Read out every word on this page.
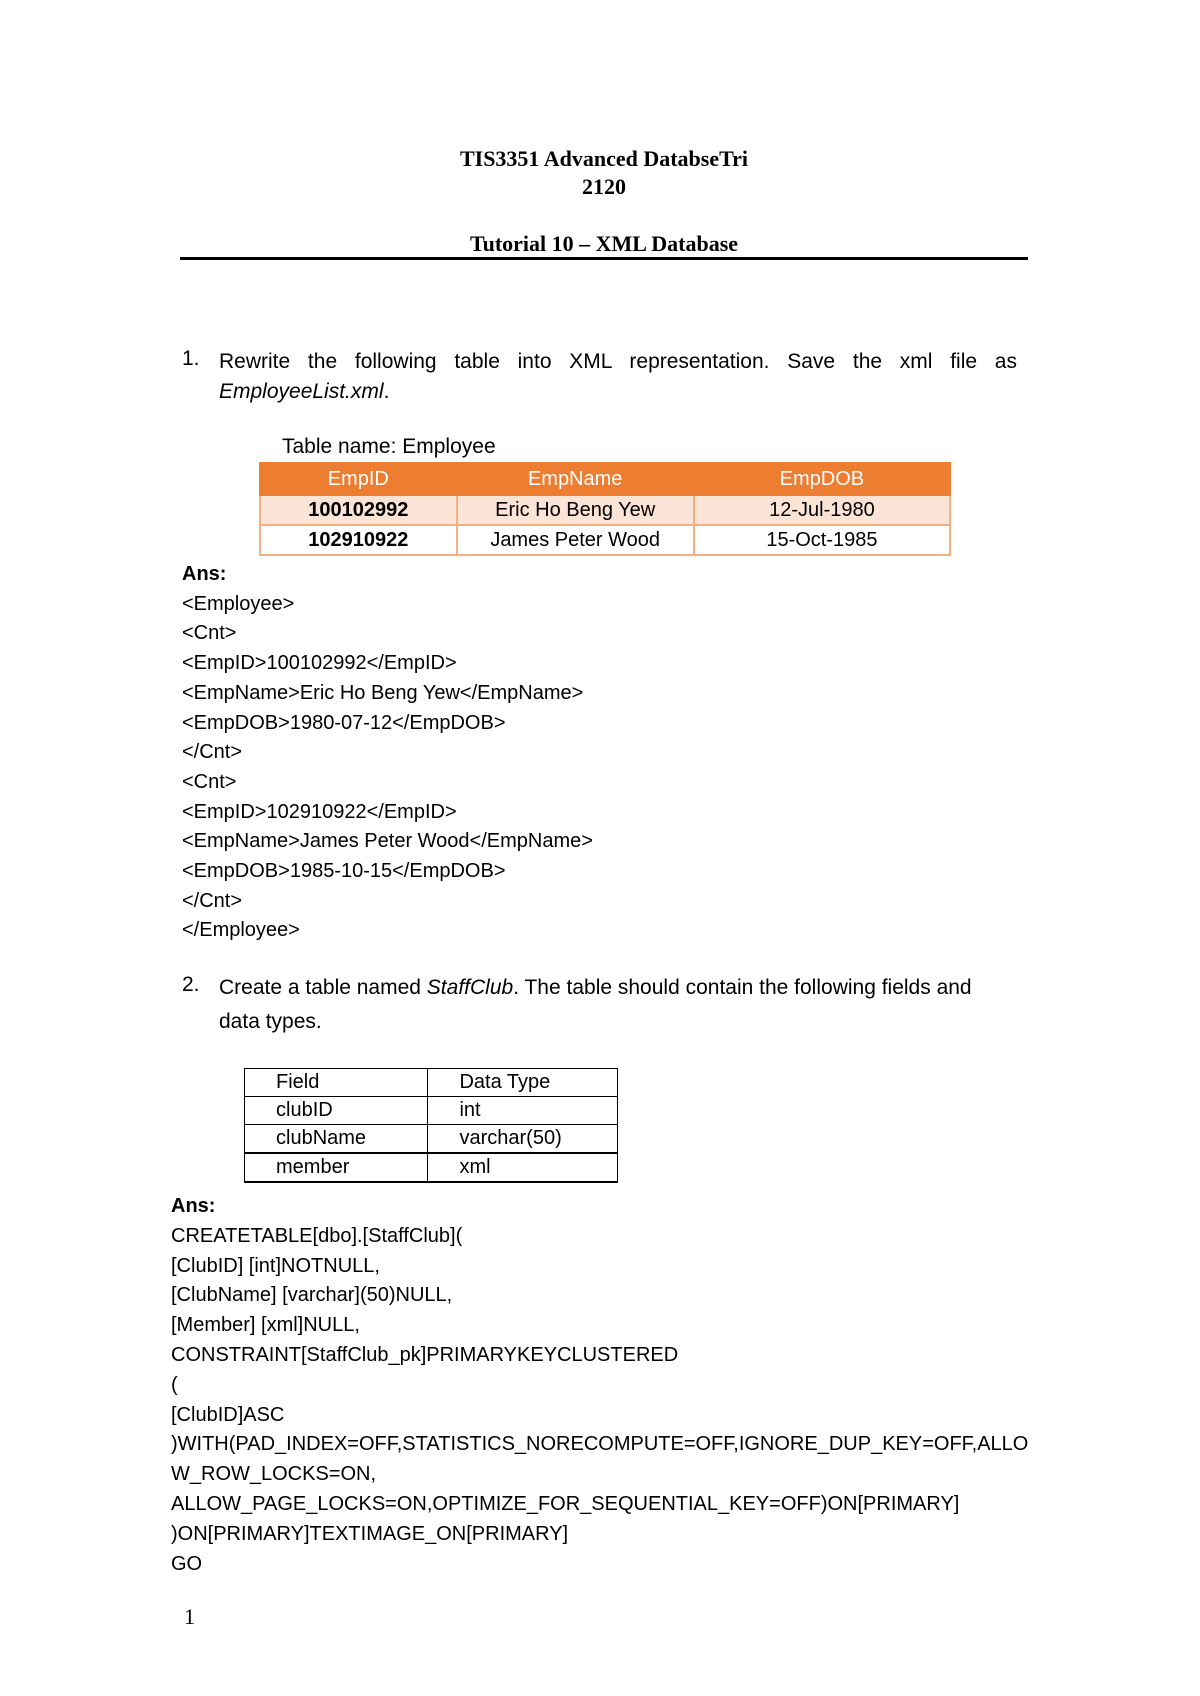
TIS3351 Advanced DatabseTri
2120
Tutorial 10 – XML Database
1. Rewrite the following table into XML representation. Save the xml file as
EmployeeList.xml.
Table name: Employee
EmpID	EmpName	EmpDOB
100102992	Eric Ho Beng Yew	12-Jul-1980
102910922	James Peter Wood	15-Oct-1985
Ans:
<Employee>
<Cnt>
<EmpID>100102992</EmpID>
<EmpName>Eric Ho Beng Yew</EmpName>
<EmpDOB>1980-07-12</EmpDOB>
</Cnt>
<Cnt>
<EmpID>102910922</EmpID>
<EmpName>James Peter Wood</EmpName>
<EmpDOB>1985-10-15</EmpDOB>
</Cnt>
</Employee>
2. Create a table named StaffClub. The table should contain the following fields and
data types.
Field	Data Type
clubID	int
clubName	varchar(50)
member	xml
Ans:
CREATETABLE[dbo].[StaffClub](
[ClubID] [int]NOTNULL,
[ClubName] [varchar](50)NULL,
[Member] [xml]NULL,
CONSTRAINT[StaffClub_pk]PRIMARYKEYCLUSTERED
(
[ClubID]ASC
)WITH(PAD_INDEX=OFF,STATISTICS_NORECOMPUTE=OFF,IGNORE_DUP_KEY=OFF,ALLO
W_ROW_LOCKS=ON,
ALLOW_PAGE_LOCKS=ON,OPTIMIZE_FOR_SEQUENTIAL_KEY=OFF)ON[PRIMARY]
)ON[PRIMARY]TEXTIMAGE_ON[PRIMARY]
GO
1
